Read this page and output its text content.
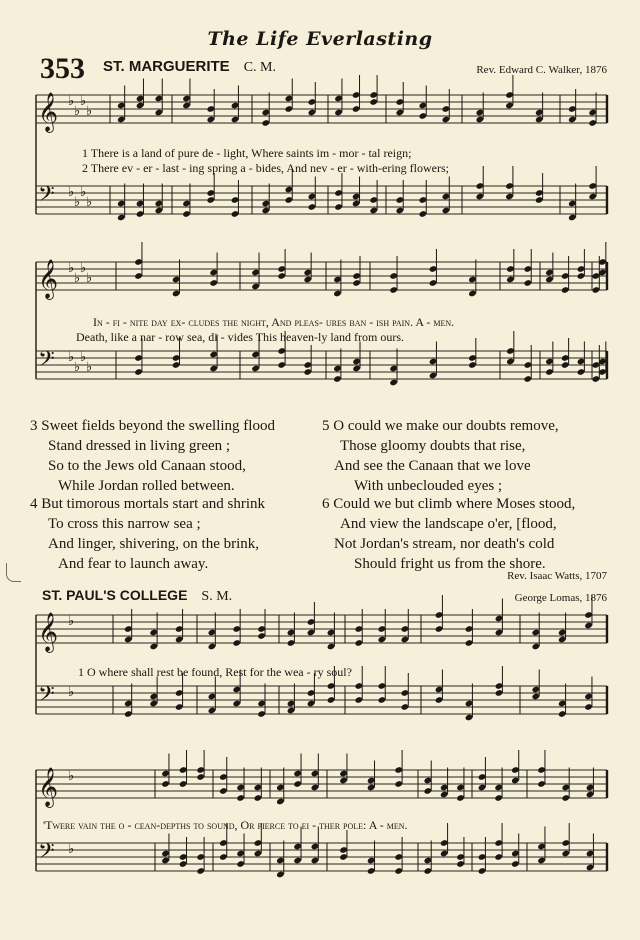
The Life Everlasting
353 ST. MARGUERITE C. M.	Rev. Edward C. Walker, 1876
𝄞 ♭
♭
♭
♭
𝄢 ♭
♭
♭
♭
1 There is a land of pure de - light, Where saints im - mor - tal reign;
2 There ev - er - last - ing spring a - bides, And nev - er - with-ering flowers;
𝄞 ♭
♭
♭
♭
𝄢 ♭
♭
♭
♭
In - fi - nite day ex- cludes the night, And pleas- ures ban - ish pain. A - men.
Death, like a nar - row sea, di - vides This heaven-ly land from ours.
3 Sweet fields beyond the swelling flood
Stand dressed in living green ;
So to the Jews old Canaan stood,
While Jordan rolled between.
4 But timorous mortals start and shrink
To cross this narrow sea ;
And linger, shivering, on the brink,
And fear to launch away.
5 O could we make our doubts remove,
Those gloomy doubts that rise,
And see the Canaan that we love
With unbeclouded eyes ;
6 Could we but climb where Moses stood,
And view the landscape o'er, [flood,
Not Jordan's stream, nor death's cold
Should fright us from the shore.
Rev. Isaac Watts, 1707
ST. PAUL'S COLLEGE S. M.	George Lomas, 1876
𝄞 ♭
𝄢 ♭
1 O where shall rest be found, Rest for the wea - ry soul?
𝄞 ♭
𝄢 ♭
'Twere vain the o - cean-depths to sound, Or pierce to ei - ther pole: A - men.
